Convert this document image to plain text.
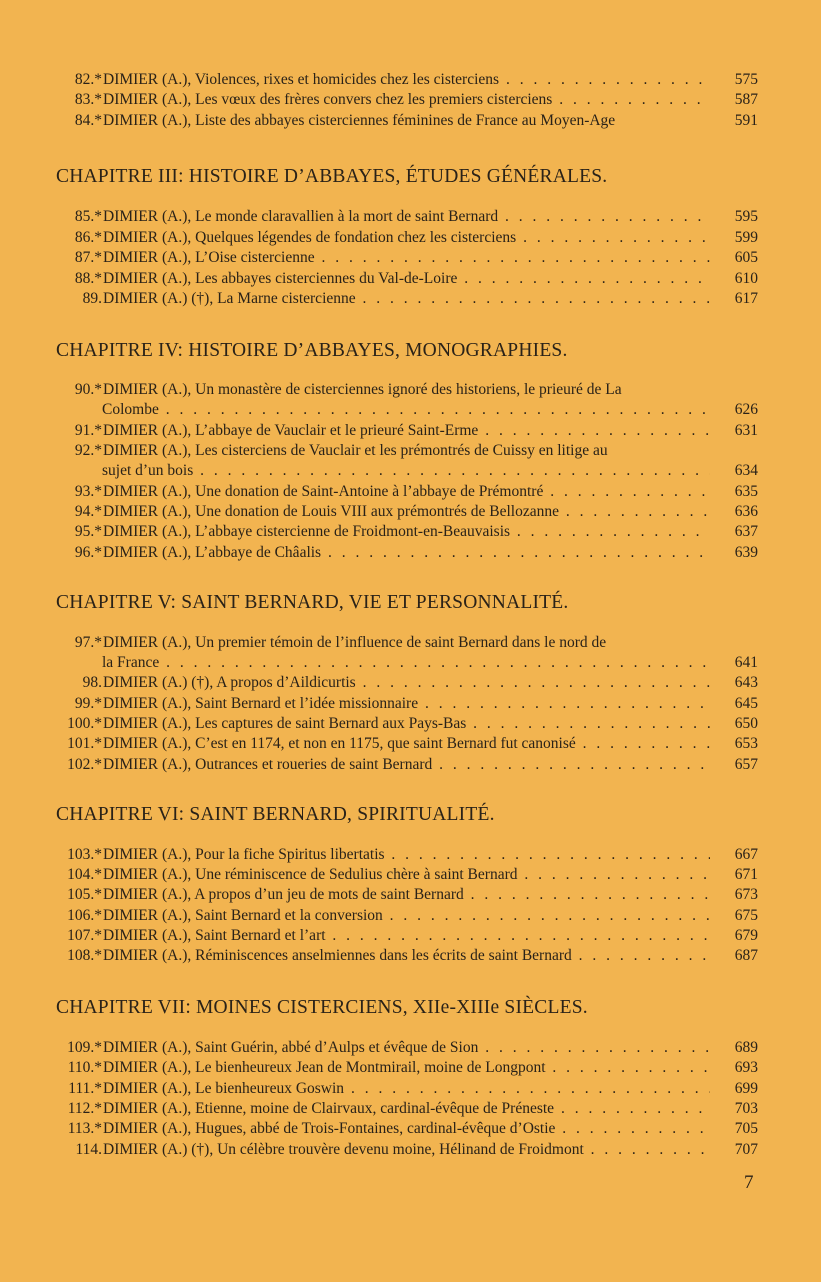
82.* DIMIER (A.), Violences, rixes et homicides chez les cisterciens . . .	575
83.* DIMIER (A.), Les vœux des frères convers chez les premiers cisterciens . . .	587
84.* DIMIER (A.), Liste des abbayes cisterciennes féminines de France au Moyen-Age	591
CHAPITRE III: HISTOIRE D’ABBAYES, ÉTUDES GÉNÉRALES.
85.* DIMIER (A.), Le monde claravallien à la mort de saint Bernard . . .	595
86.* DIMIER (A.), Quelques légendes de fondation chez les cisterciens . . .	599
87.* DIMIER (A.), L’Oise cistercienne . . .	605
88.* DIMIER (A.), Les abbayes cisterciennes du Val-de-Loire . . .	610
89. DIMIER (A.) (†), La Marne cistercienne . . .	617
CHAPITRE IV: HISTOIRE D’ABBAYES, MONOGRAPHIES.
90.* DIMIER (A.), Un monastère de cisterciennes ignoré des historiens, le prieuré de La
Colombe . . .	626
91.* DIMIER (A.), L’abbaye de Vauclair et le prieuré Saint-Erme . . .	631
92.* DIMIER (A.), Les cisterciens de Vauclair et les prémontrés de Cuissy en litige au
sujet d’un bois . . .	634
93.* DIMIER (A.), Une donation de Saint-Antoine à l’abbaye de Prémontré . . .	635
94.* DIMIER (A.), Une donation de Louis VIII aux prémontrés de Bellozanne . . .	636
95.* DIMIER (A.), L’abbaye cistercienne de Froidmont-en-Beauvaisis . . .	637
96.* DIMIER (A.), L’abbaye de Châalis . . .	639
CHAPITRE V: SAINT BERNARD, VIE ET PERSONNALITÉ.
97.* DIMIER (A.), Un premier témoin de l’influence de saint Bernard dans le nord de
la France . . .	641
98. DIMIER (A.) (†), A propos d’Aildicurtis . . .	643
99.* DIMIER (A.), Saint Bernard et l’idée missionnaire . . .	645
100.* DIMIER (A.), Les captures de saint Bernard aux Pays-Bas . . .	650
101.* DIMIER (A.), C’est en 1174, et non en 1175, que saint Bernard fut canonisé . . .	653
102.* DIMIER (A.), Outrances et roueries de saint Bernard . . .	657
CHAPITRE VI: SAINT BERNARD, SPIRITUALITÉ.
103.* DIMIER (A.), Pour la fiche Spiritus libertatis . . .	667
104.* DIMIER (A.), Une réminiscence de Sedulius chère à saint Bernard . . .	671
105.* DIMIER (A.), A propos d’un jeu de mots de saint Bernard . . .	673
106.* DIMIER (A.), Saint Bernard et la conversion . . .	675
107.* DIMIER (A.), Saint Bernard et l’art . . .	679
108.* DIMIER (A.), Réminiscences anselmiennes dans les écrits de saint Bernard . . .	687
CHAPITRE VII: MOINES CISTERCIENS, XIIe-XIIIe SIÈCLES.
109.* DIMIER (A.), Saint Guérin, abbé d’Aulps et évêque de Sion . . .	689
110.* DIMIER (A.), Le bienheureux Jean de Montmirail, moine de Longpont . . .	693
111.* DIMIER (A.), Le bienheureux Goswin . . .	699
112.* DIMIER (A.), Etienne, moine de Clairvaux, cardinal-évêque de Préneste . . .	703
113.* DIMIER (A.), Hugues, abbé de Trois-Fontaines, cardinal-évêque d’Ostie . . .	705
114. DIMIER (A.) (†), Un célèbre trouvère devenu moine, Hélinand de Froidmont . . .	707
7
